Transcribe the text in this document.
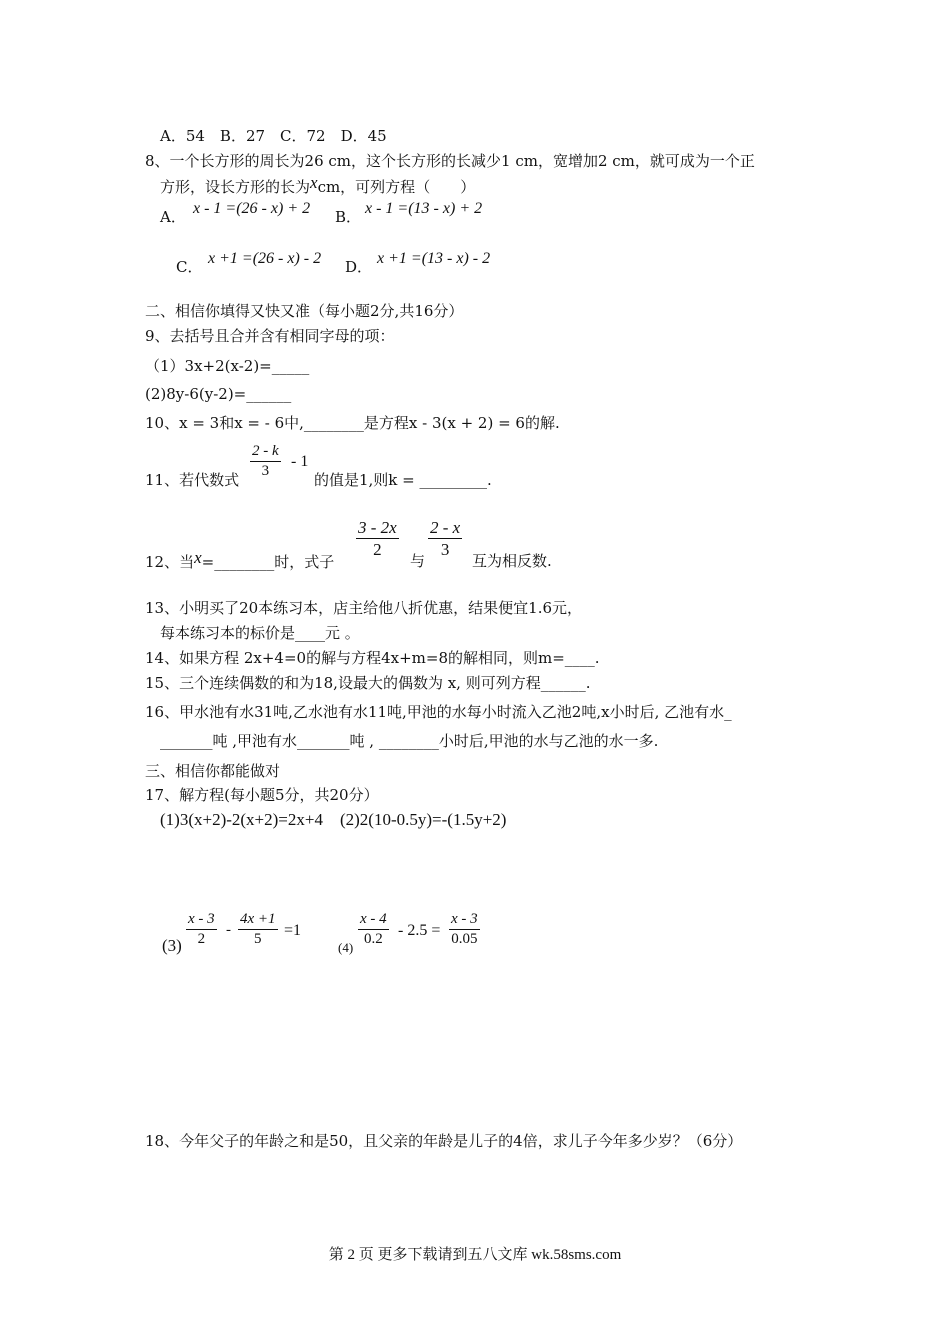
A．54　B．27　C．72　D．45
8、一个长方形的周长为26 cm，这个长方形的长减少1 cm，宽增加2 cm，就可成为一个正
方形，设长方形的长为xcm，可列方程（　　）
A． x - 1 =(26 - x) + 2 B． x - 1 =(13 - x) + 2
C． x +1 =(26 - x) - 2 D． x +1 =(13 - x) - 2
二、相信你填得又快又准（每小题2分,共16分）
9、去括号且合并含有相同字母的项：
（1）3x+2(x-2)=_____
(2)8y-6(y-2)=______
10、x = 3和x = - 6中,________是方程x - 3(x + 2) = 6的解.
11、若代数式 $\frac{2 - k}{3} - 1$
的值是1,则k = _________.
12、当x=________时，式子
$\frac{3 - 2x}{2}$
与
$\frac{2 - x}{3}$
互为相反数.
13、小明买了20本练习本，店主给他八折优惠，结果便宜1.6元，
每本练习本的标价是____元 。
14、如果方程 2x+4=0的解与方程4x+m=8的解相同，则m=____.
15、三个连续偶数的和为18,设最大的偶数为 x, 则可列方程______.
16、甲水池有水31吨,乙水池有水11吨,甲池的水每小时流入乙池2吨,x小时后, 乙池有水_
_______吨 ,甲池有水_______吨 , ________小时后,甲池的水与乙池的水一多.
三、相信你都能做对
17、解方程(每小题5分，共20分）
(1)3(x+2)-2(x+2)=2x+4　(2)2(10-0.5y)=-(1.5y+2)
$(3) \frac{x - 3}{2} - \frac{4x +1}{5} =1$
$(4) \frac{x - 4}{0.2} - 2.5 = \frac{x - 3}{0.05}$
18、今年父子的年龄之和是50，且父亲的年龄是儿子的4倍，求儿子今年多少岁？（6分）
第 2 页 更多下载请到五八文库 wk.58sms.com
